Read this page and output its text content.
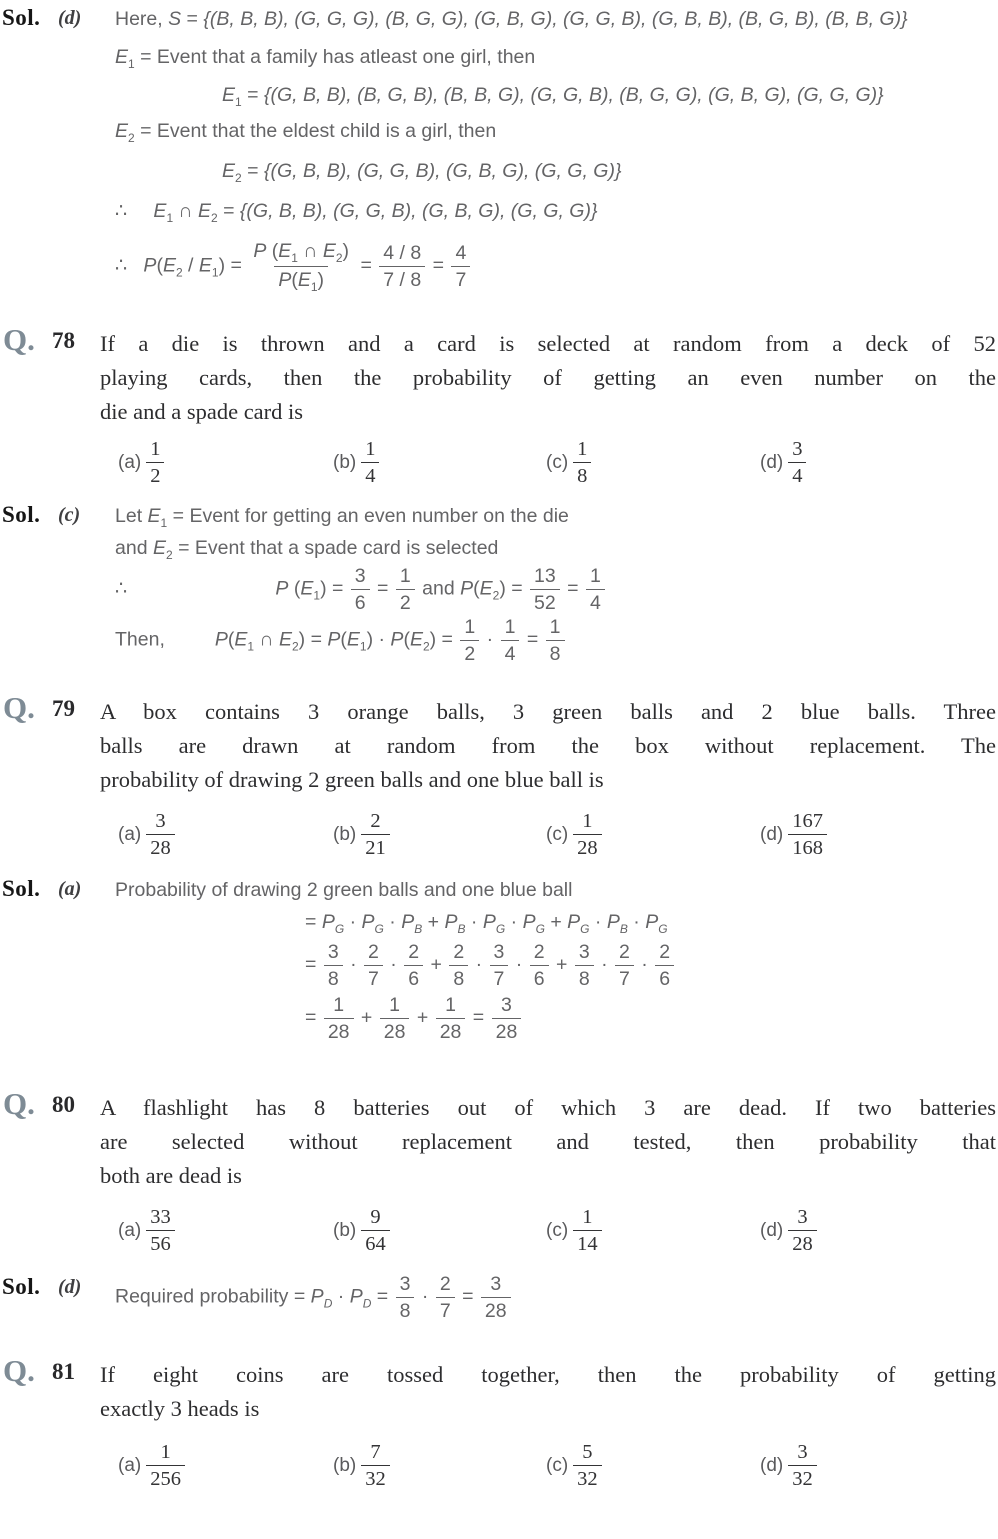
Sol. (d) Here, S = {(B, B, B), (G, G, G), (B, G, G), (G, B, G), (G, G, B), (G, B, B), (B, G, B), (B, B, G)}
$E_1$ = Event that a family has atleast one girl, then
$E_1 = \{(G$, B, B), (B, G, B), (B, B, G), (G, G, B), (B, G, G), (G, B, G), (G, G, G)}
$E_2$ = Event that the eldest child is a girl, then
$E_2 = \{(G$, B, B), (G, G, B), (G, B, G), (G, G, G)}
∴ $E_1$ ∩ $E_2 = \{(G$, B, B), (G, G, B), (G, B, G), (G, G, G)}
∴ $P(E_2 / E_1) = \frac{P (E_1 \cap E_2)}{P(E_1)} = \frac{4 / 8}{7 / 8} = \frac{4}{7}$
Q. 78 If a die is thrown and a card is selected at random from a deck of 52
playing cards, then the probability of getting an even number on the
die and a spade card is
$(a) \frac{1}{2}$	$(b) \frac{1}{4}$	$(c) \frac{1}{8}$	$(d) \frac{3}{4}$
Sol. (c) Let $E_1$ = Event for getting an even number on the die
and $E_2$ = Event that a spade card is selected
∴	P $(E_1) = \frac{3}{6} = \frac{1}{2}$ and $P(E_2) = \frac{13}{52} = \frac{1}{4}$
Then,	$P(E_1$ ∩ $E_2) = P(E_1) \cdot P(E_2) = \frac{1}{2} \cdot \frac{1}{4} = \frac{1}{8}$
Q. 79 A box contains 3 orange balls, 3 green balls and 2 blue balls. Three
balls are drawn at random from the box without replacement. The
probability of drawing 2 green balls and one blue ball is
$(a) \frac{3}{28}$	$(b) \frac{2}{21}$	$(c) \frac{1}{28}$	$(d) \frac{167}{168}$
Sol. (a) Probability of drawing 2 green balls and one blue ball
= $P_G \cdot P_G \cdot P_B + P_B \cdot P_G \cdot P_G + P_G \cdot P_B \cdot P_G$
= $\frac{3}{8} \cdot \frac{2}{7} \cdot \frac{2}{6} + \frac{2}{8} \cdot \frac{3}{7} \cdot \frac{2}{6} + \frac{3}{8} \cdot \frac{2}{7} \cdot \frac{2}{6}$
= $\frac{1}{28} + \frac{1}{28} + \frac{1}{28} = \frac{3}{28}$
Q. 80 A flashlight has 8 batteries out of which 3 are dead. If two batteries
are selected without replacement and tested, then probability that
both are dead is
$(a) \frac{33}{56}$	$(b) \frac{9}{64}$	$(c) \frac{1}{14}$	$(d) \frac{3}{28}$
Sol. (d) Required probability = $P_D \cdot P_D = \frac{3}{8} \cdot \frac{2}{7} = \frac{3}{28}$
Q. 81 If eight coins are tossed together, then the probability of getting
exactly 3 heads is
$(a) \frac{1}{256}$	$(b) \frac{7}{32}$	$(c) \frac{5}{32}$	$(d) \frac{3}{32}$
